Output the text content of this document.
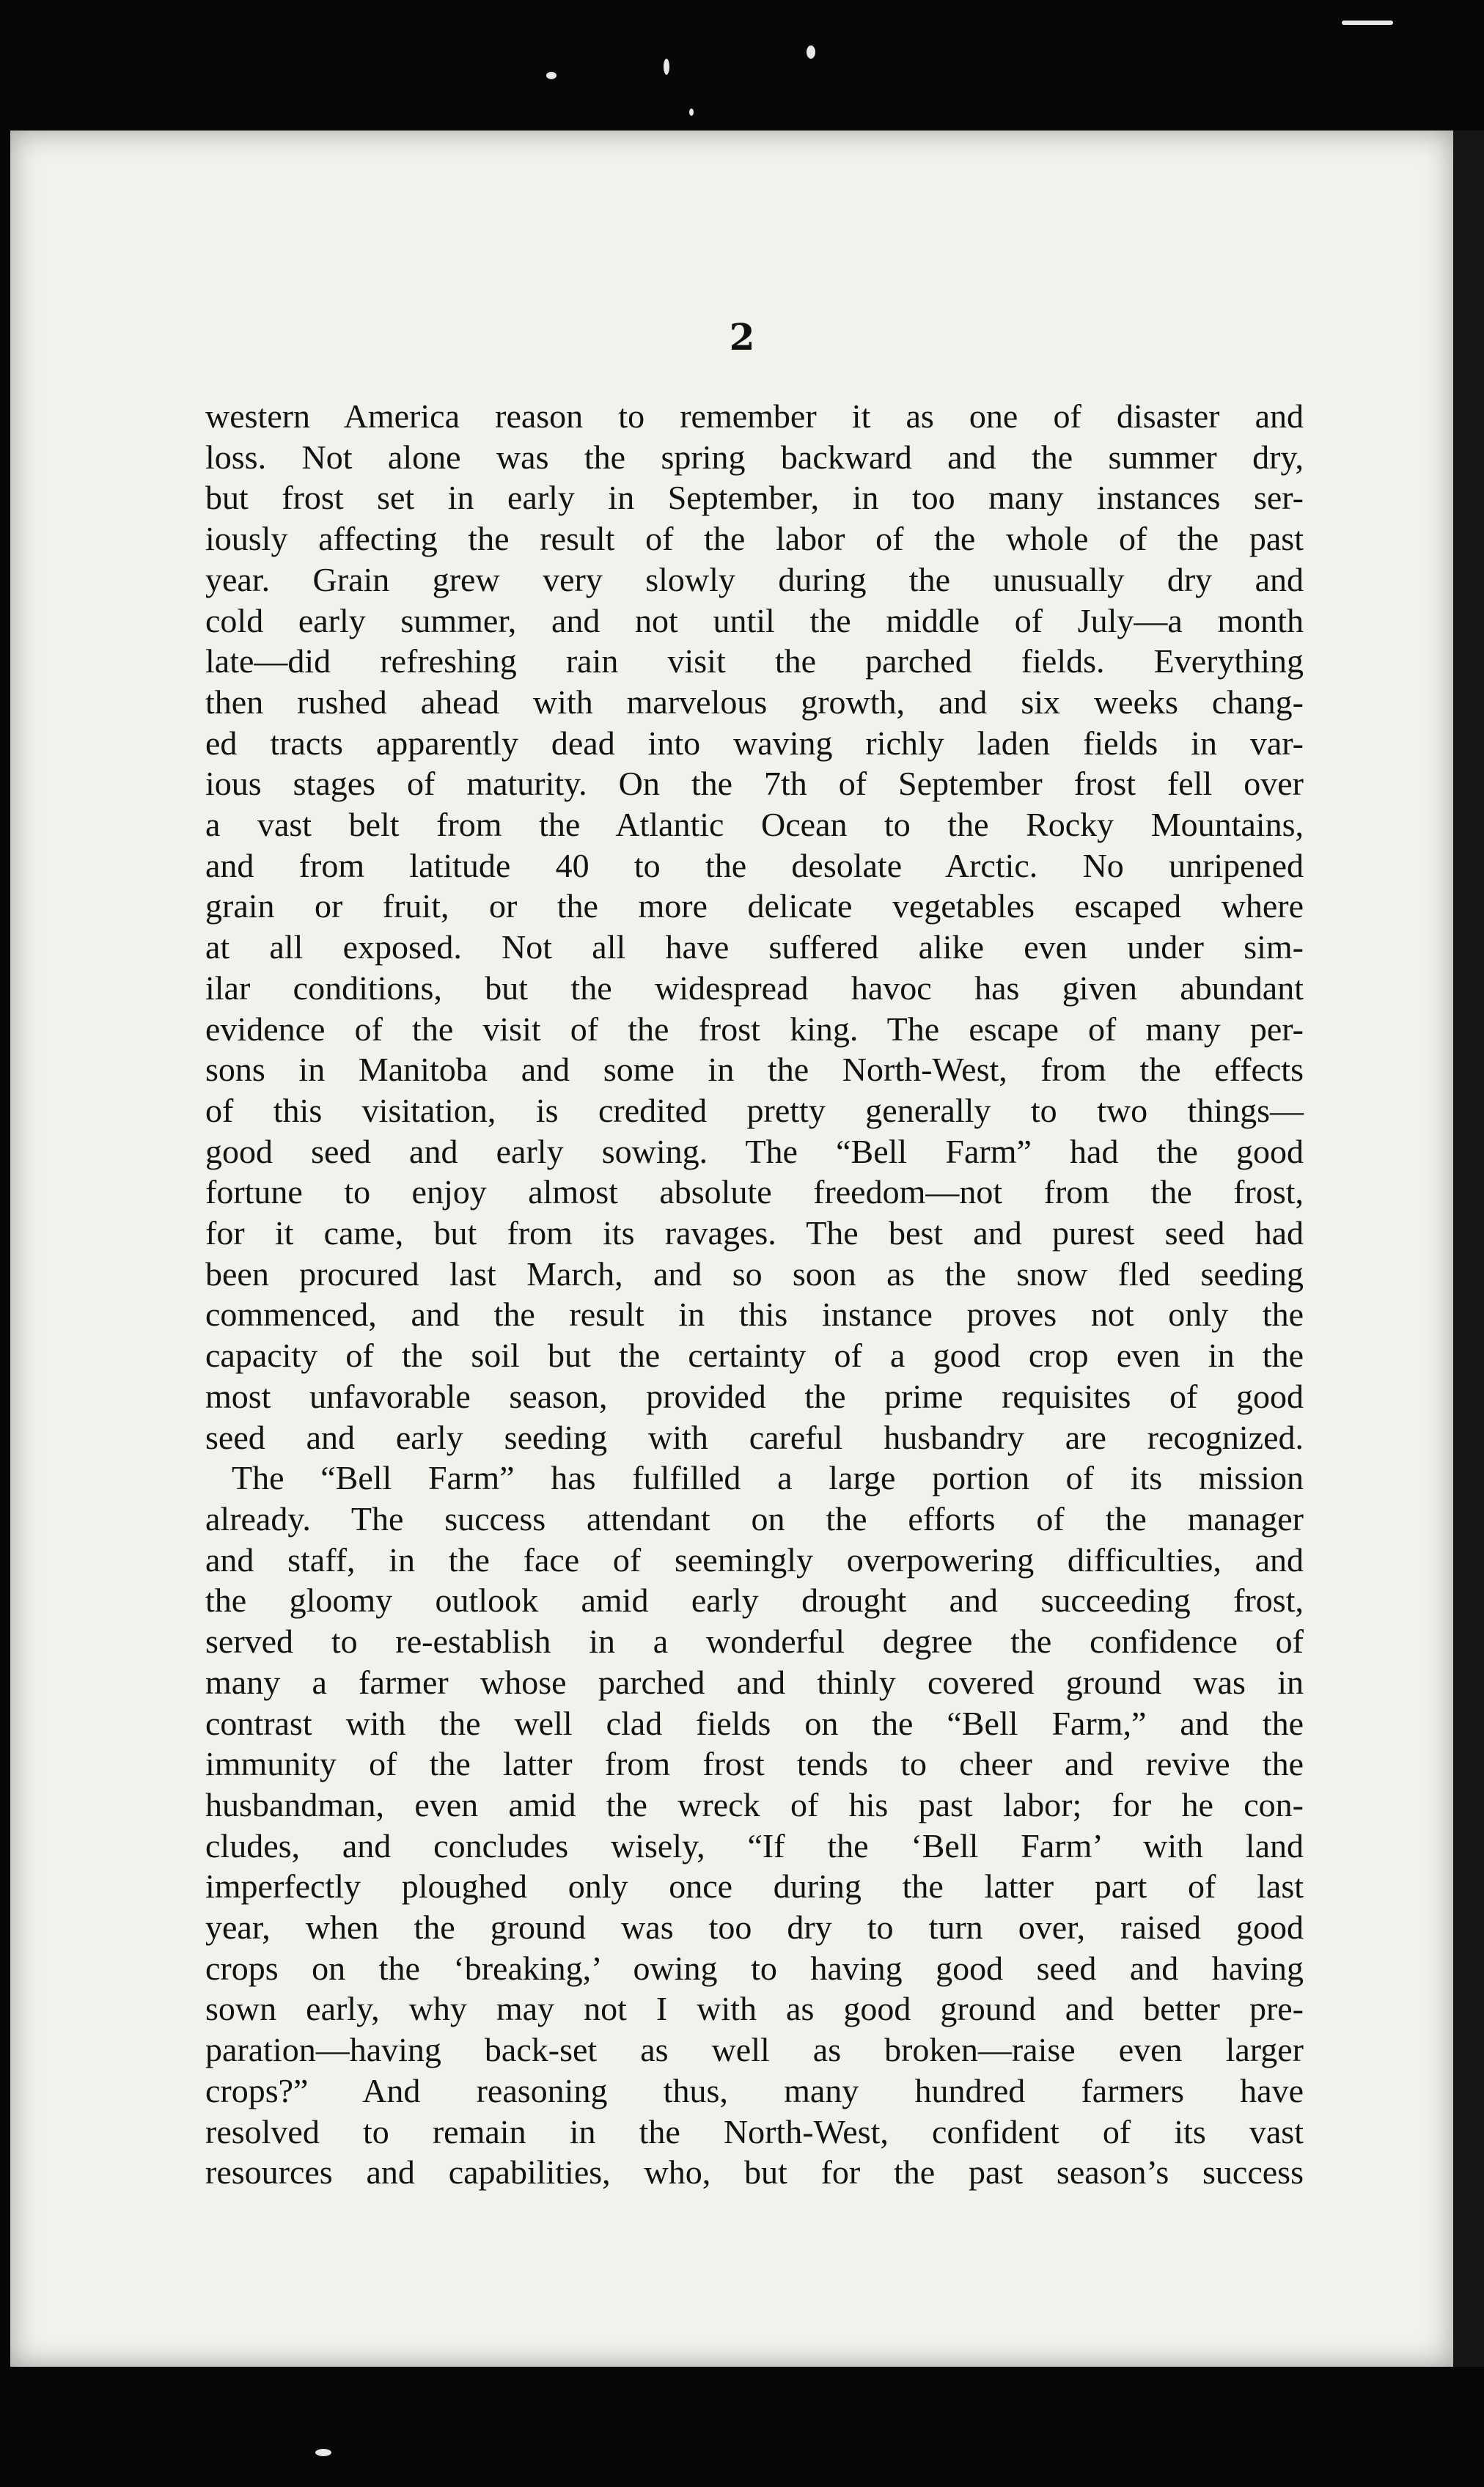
2
western America reason to remember it as one of disaster and
loss. Not alone was the spring backward and the summer dry,
but frost set in early in September, in too many instances ser-
iously affecting the result of the labor of the whole of the past
year. Grain grew very slowly during the unusually dry and
cold early summer, and not until the middle of July—a month
late—did refreshing rain visit the parched fields. Everything
then rushed ahead with marvelous growth, and six weeks chang-
ed tracts apparently dead into waving richly laden fields in var-
ious stages of maturity. On the 7th of September frost fell over
a vast belt from the Atlantic Ocean to the Rocky Mountains,
and from latitude 40 to the desolate Arctic. No unripened
grain or fruit, or the more delicate vegetables escaped where
at all exposed. Not all have suffered alike even under sim-
ilar conditions, but the widespread havoc has given abundant
evidence of the visit of the frost king. The escape of many per-
sons in Manitoba and some in the North-West, from the effects
of this visitation, is credited pretty generally to two things—
good seed and early sowing. The “Bell Farm” had the good
fortune to enjoy almost absolute freedom—not from the frost,
for it came, but from its ravages. The best and purest seed had
been procured last March, and so soon as the snow fled seeding
commenced, and the result in this instance proves not only the
capacity of the soil but the certainty of a good crop even in the
most unfavorable season, provided the prime requisites of good
seed and early seeding with careful husbandry are recognized.
The “Bell Farm” has fulfilled a large portion of its mission
already. The success attendant on the efforts of the manager
and staff, in the face of seemingly overpowering difficulties, and
the gloomy outlook amid early drought and succeeding frost,
served to re-establish in a wonderful degree the confidence of
many a farmer whose parched and thinly covered ground was in
contrast with the well clad fields on the “Bell Farm,” and the
immunity of the latter from frost tends to cheer and revive the
husbandman, even amid the wreck of his past labor; for he con-
cludes, and concludes wisely, “If the ‘Bell Farm’ with land
imperfectly ploughed only once during the latter part of last
year, when the ground was too dry to turn over, raised good
crops on the ‘breaking,’ owing to having good seed and having
sown early, why may not I with as good ground and better pre-
paration—having back-set as well as broken—raise even larger
crops?” And reasoning thus, many hundred farmers have
resolved to remain in the North-West, confident of its vast
resources and capabilities, who, but for the past season’s success
